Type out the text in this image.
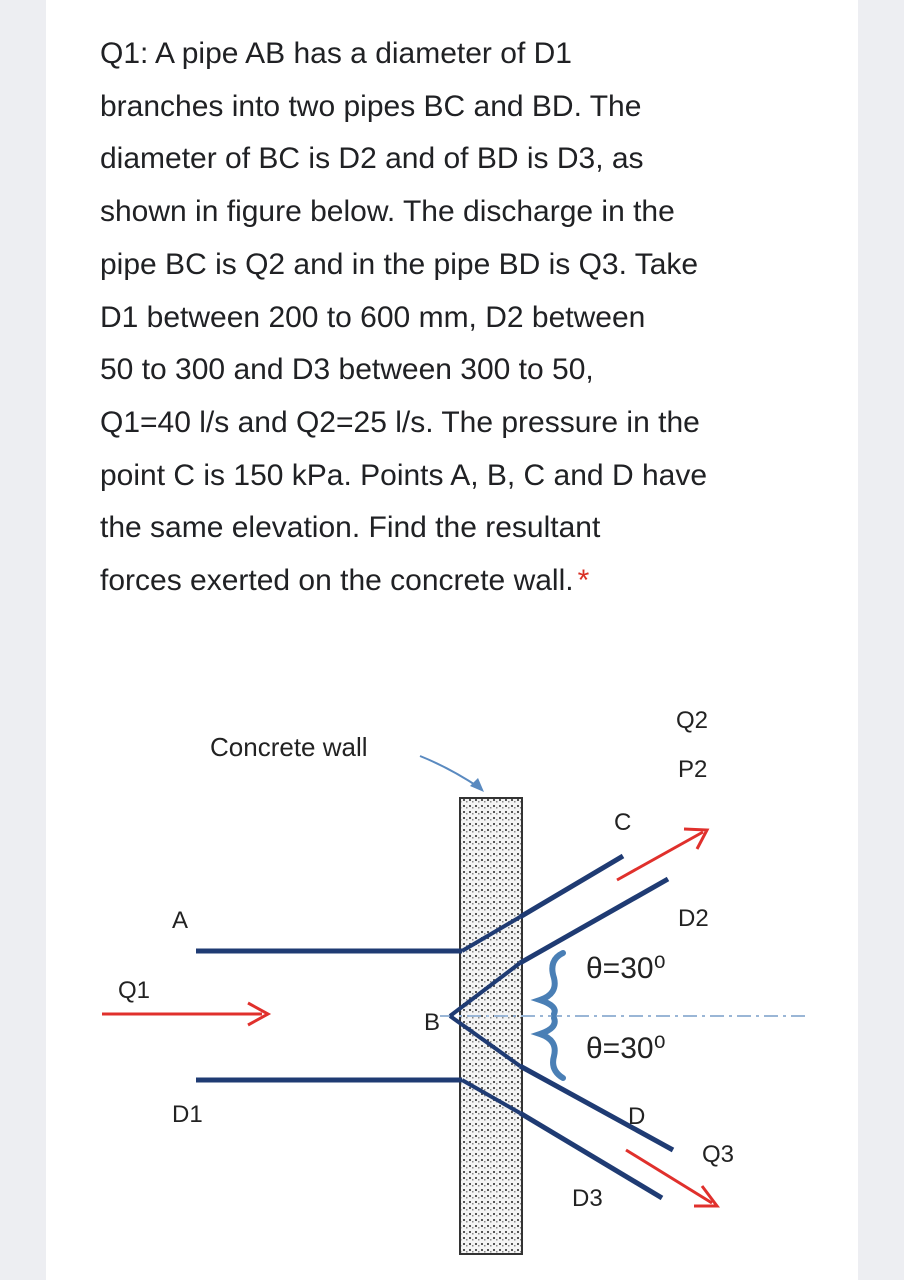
Q1: A pipe AB has a diameter of D1
branches into two pipes BC and BD. The
diameter of BC is D2 and of BD is D3, as
shown in figure below. The discharge in the
pipe BC is Q2 and in the pipe BD is Q3. Take
D1 between 200 to 600 mm, D2 between
50 to 300 and D3 between 300 to 50,
Q1=40 l/s and Q2=25 l/s. The pressure in the
point C is 150 kPa. Points A, B, C and D have
the same elevation. Find the resultant
forces exerted on the concrete wall. *

Concrete wall
Q2
P2
C
A	D2
Q1
B
θ=30⁰
θ=30⁰
D1	D
Q3
D3
